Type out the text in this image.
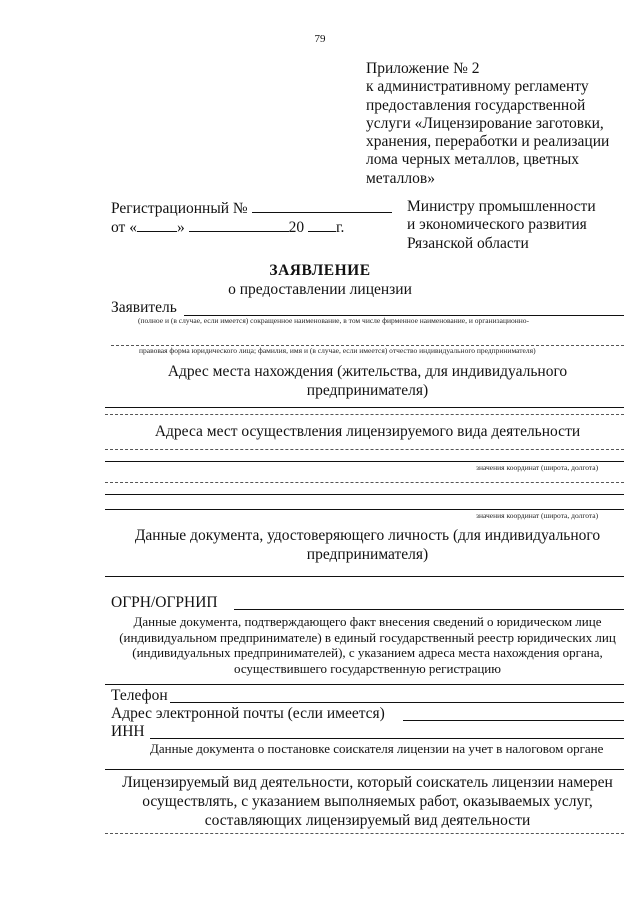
79
Приложение № 2
к административному регламенту
предоставления государственной
услуги «Лицензирование заготовки,
хранения, переработки и реализации
лома черных металлов, цветных
металлов»
Регистрационный №
от «	»	20 г.
Министру промышленности
и экономического развития
Рязанской области
ЗАЯВЛЕНИЕ
о предоставлении лицензии
Заявитель
(полное и (в случае, если имеется) сокращенное наименование, в том числе фирменное наименование, и организационно-
правовая форма юридического лица; фамилия, имя и (в случае, если имеется) отчество индивидуального предпринимателя)
Адрес места нахождения (жительства, для индивидуального предпринимателя)
Адреса мест осуществления лицензируемого вида деятельности
значения координат (широта, долгота)
значения координат (широта, долгота)
Данные документа, удостоверяющего личность (для индивидуального предпринимателя)
ОГРН/ОГРНИП
Данные документа, подтверждающего факт внесения сведений о юридическом лице (индивидуальном предпринимателе) в единый государственный реестр юридических лиц (индивидуальных предпринимателей), с указанием адреса места нахождения органа, осуществившего государственную регистрацию
Телефон
Адрес электронной почты (если имеется)
ИНН
Данные документа о постановке соискателя лицензии на учет в налоговом органе
Лицензируемый вид деятельности, который соискатель лицензии намерен осуществлять, с указанием выполняемых работ, оказываемых услуг, составляющих лицензируемый вид деятельности
